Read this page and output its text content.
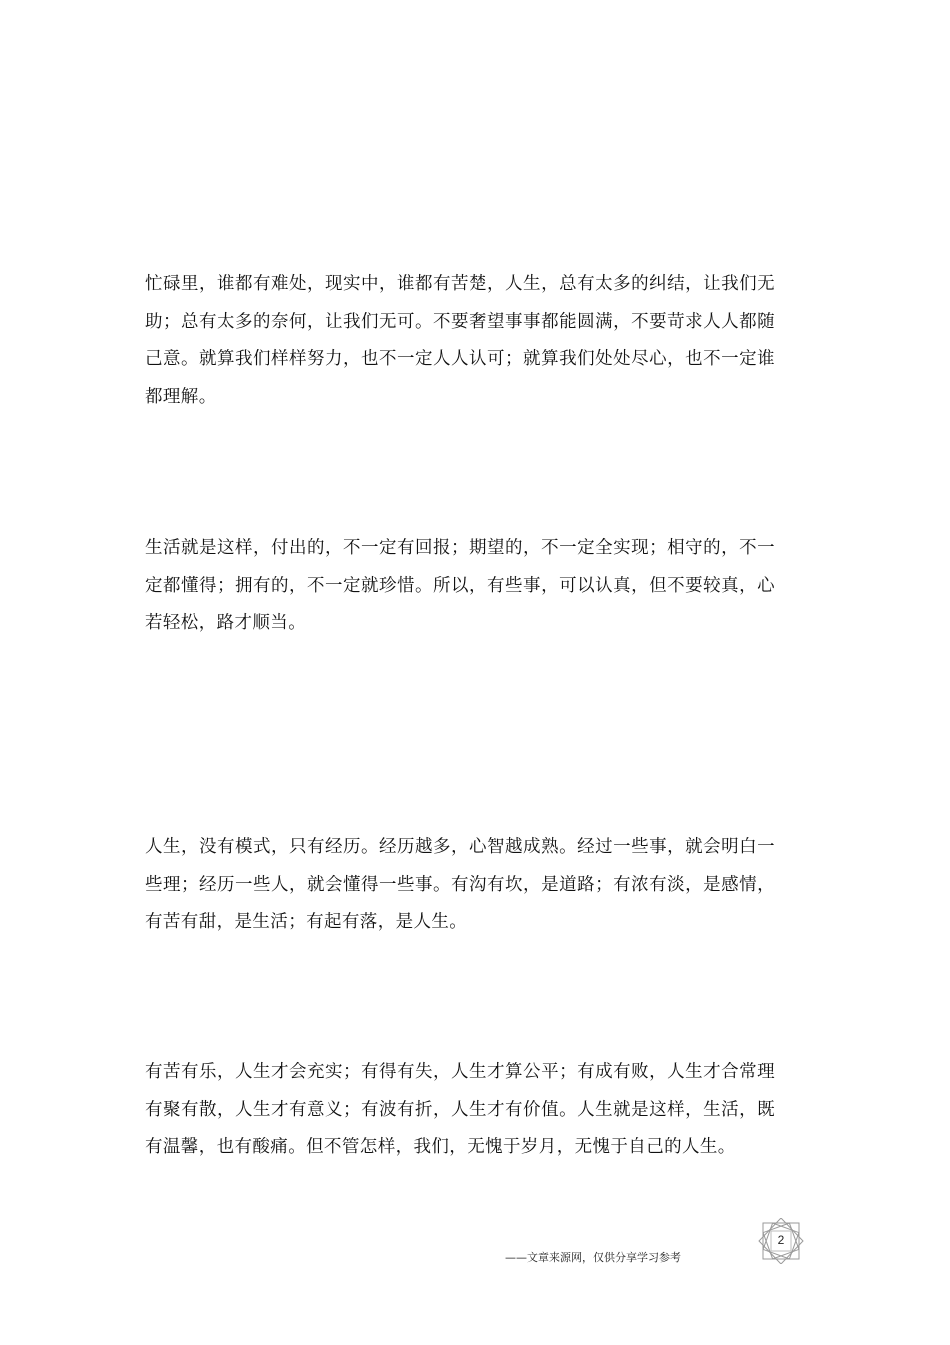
忙碌里，谁都有难处，现实中，谁都有苦楚，人生，总有太多的纠结，让我们无助；总有太多的奈何，让我们无可。不要奢望事事都能圆满，不要苛求人人都随己意。就算我们样样努力，也不一定人人认可；就算我们处处尽心，也不一定谁都理解。

生活就是这样，付出的，不一定有回报；期望的，不一定全实现；相守的，不一定都懂得；拥有的，不一定就珍惜。所以，有些事，可以认真，但不要较真，心若轻松，路才顺当。

人生，没有模式，只有经历。经历越多，心智越成熟。经过一些事，就会明白一些理；经历一些人，就会懂得一些事。有沟有坎，是道路；有浓有淡，是感情，有苦有甜，是生活；有起有落，是人生。

有苦有乐，人生才会充实；有得有失，人生才算公平；有成有败，人生才合常理有聚有散，人生才有意义；有波有折，人生才有价值。人生就是这样，生活，既有温馨，也有酸痛。但不管怎样，我们，无愧于岁月，无愧于自己的人生。

——文章来源网，仅供分享学习参考
2
